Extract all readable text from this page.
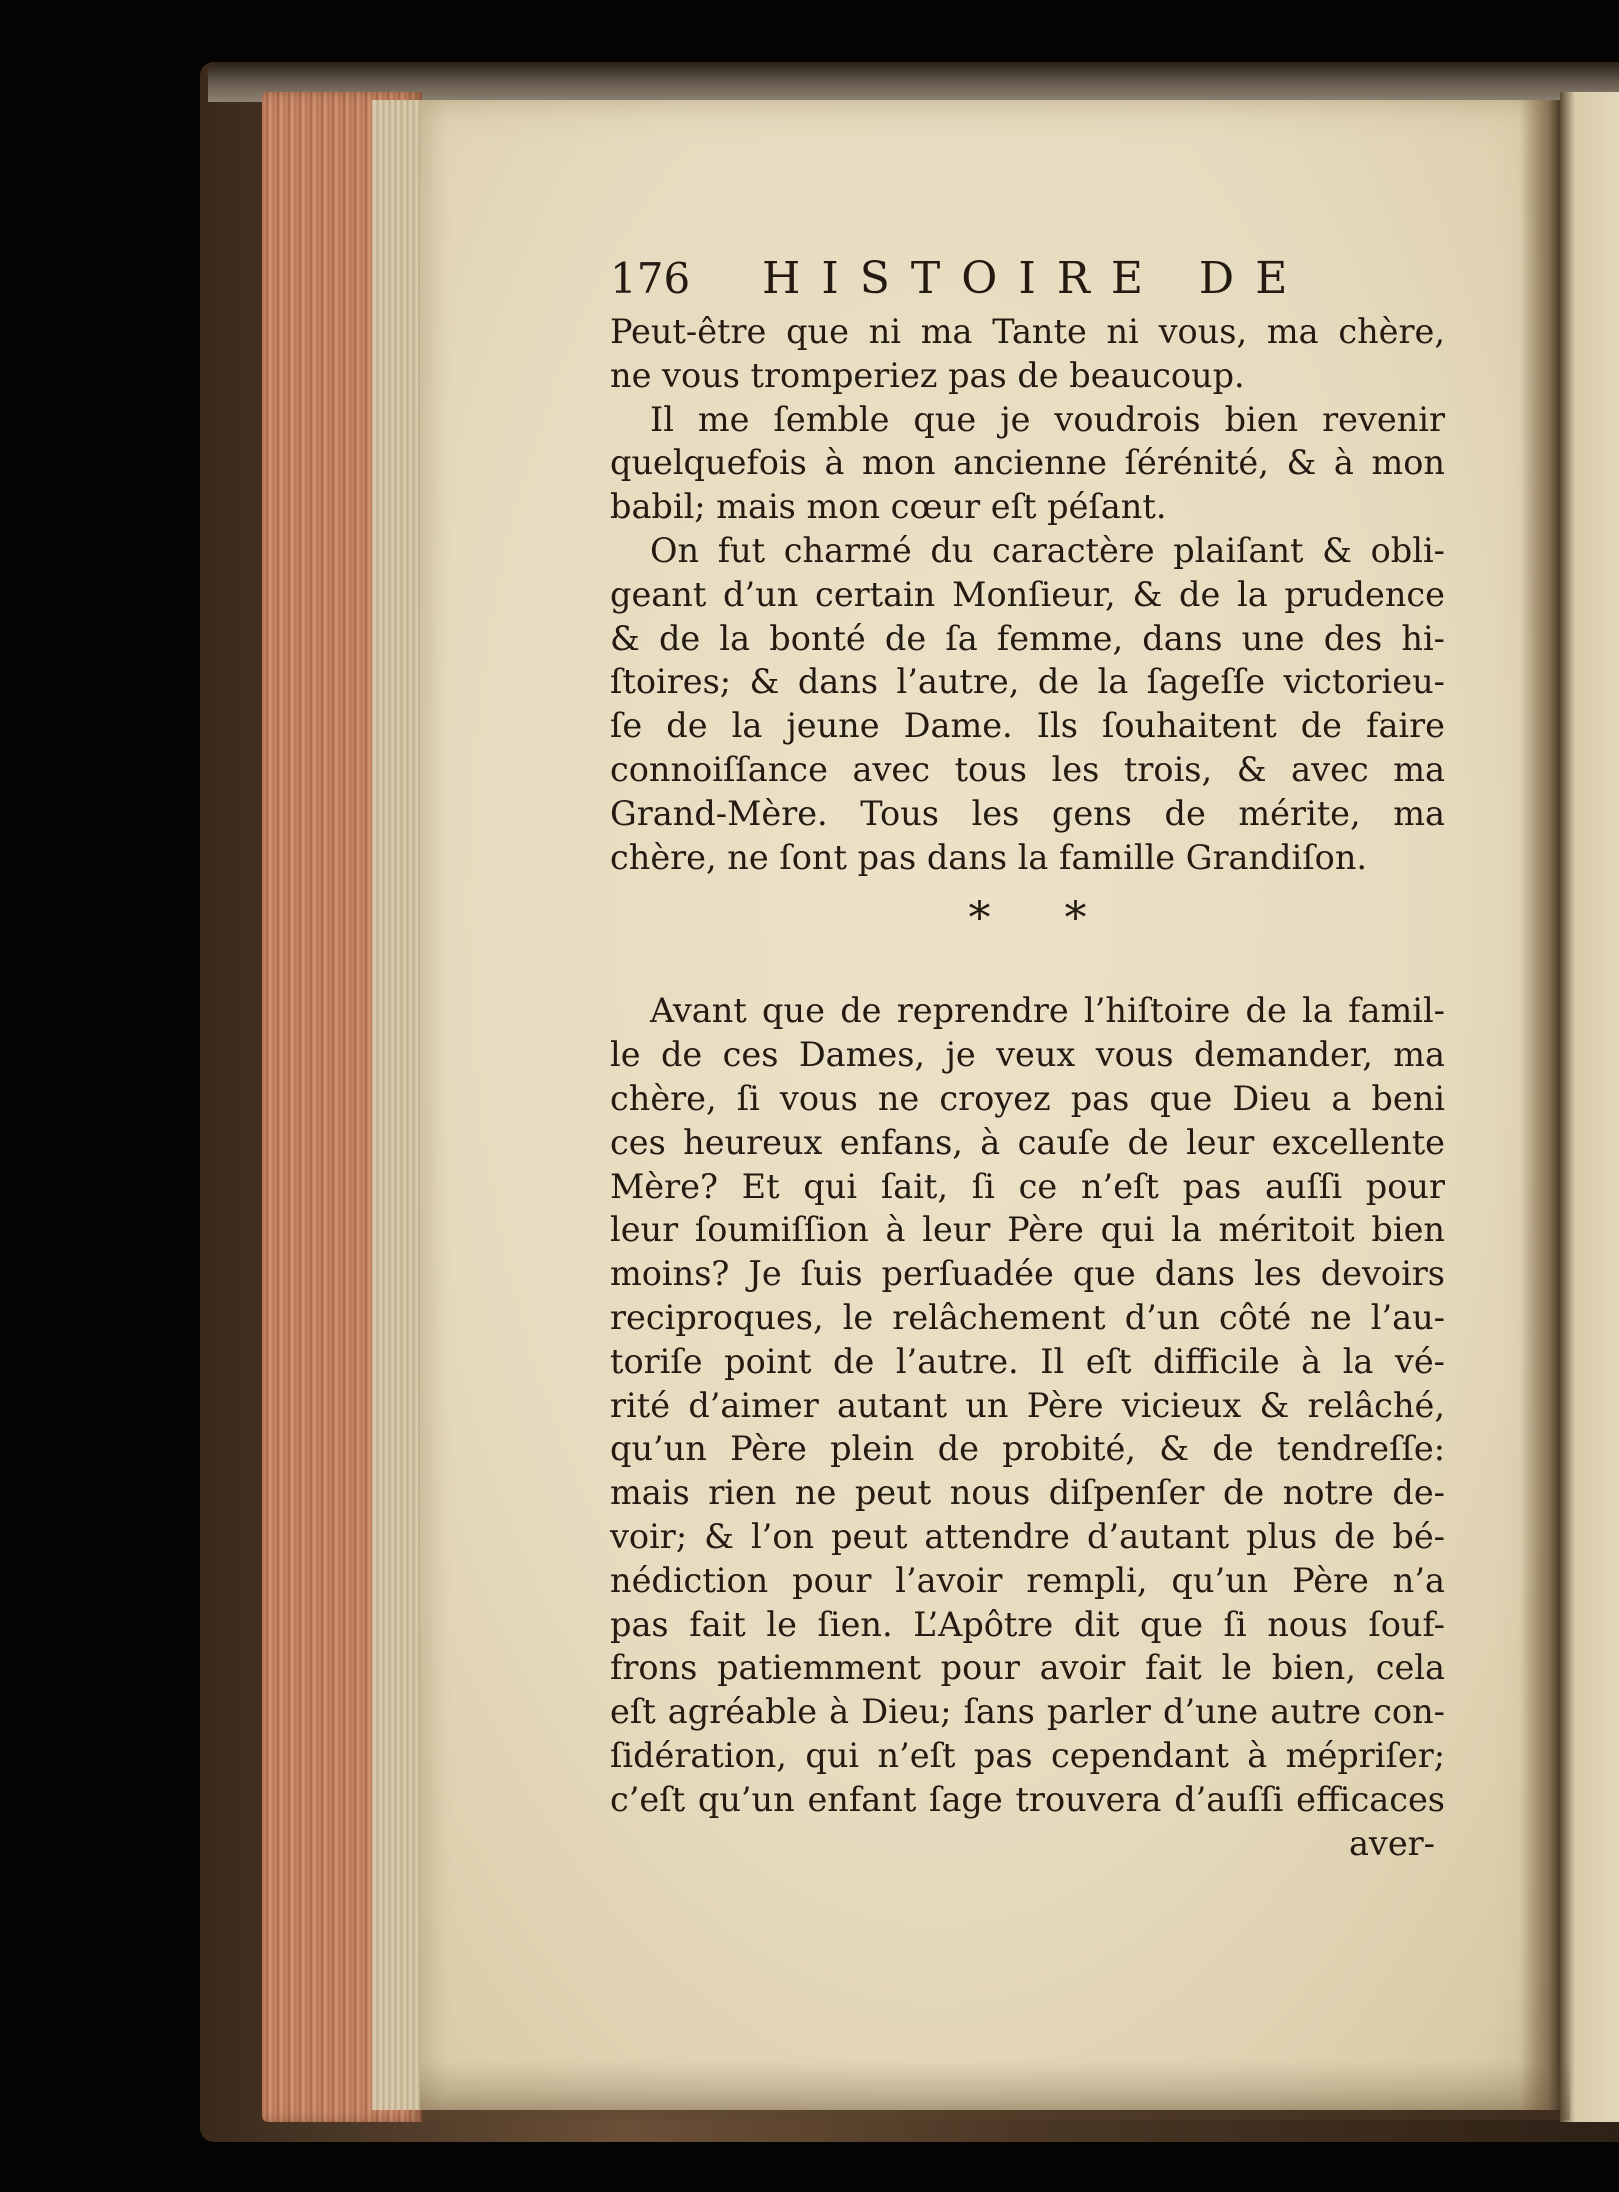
176 HISTOIRE DE
Peut-être que ni ma Tante ni vous, ma chère,
ne vous tromperiez pas de beaucoup.
Il me ſemble que je voudrois bien revenir
quelquefois à mon ancienne ſérénité, & à mon
babil; mais mon cœur eſt péſant.
On fut charmé du caractère plaiſant & obli-
geant d’un certain Monſieur, & de la prudence
& de la bonté de ſa femme, dans une des hi-
ſtoires; & dans l’autre, de la ſageſſe victorieu-
ſe de la jeune Dame. Ils ſouhaitent de faire
connoiſſance avec tous les trois, & avec ma
Grand-Mère. Tous les gens de mérite, ma
chère, ne ſont pas dans la famille Grandiſon.
* *
Avant que de reprendre l’hiſtoire de la famil-
le de ces Dames, je veux vous demander, ma
chère, ſi vous ne croyez pas que Dieu a beni
ces heureux enfans, à cauſe de leur excellente
Mère? Et qui ſait, ſi ce n’eſt pas auſſi pour
leur ſoumiſſion à leur Père qui la méritoit bien
moins? Je ſuis perſuadée que dans les devoirs
reciproques, le relâchement d’un côté ne l’au-
toriſe point de l’autre. Il eſt difficile à la vé-
rité d’aimer autant un Père vicieux & relâché,
qu’un Père plein de probité, & de tendreſſe:
mais rien ne peut nous diſpenſer de notre de-
voir; & l’on peut attendre d’autant plus de bé-
nédiction pour l’avoir rempli, qu’un Père n’a
pas fait le ſien. L’Apôtre dit que ſi nous ſouf-
frons patiemment pour avoir fait le bien, cela
eſt agréable à Dieu; ſans parler d’une autre con-
ſidération, qui n’eſt pas cependant à mépriſer;
c’eſt qu’un enfant ſage trouvera d’auſſi efficaces
aver-
